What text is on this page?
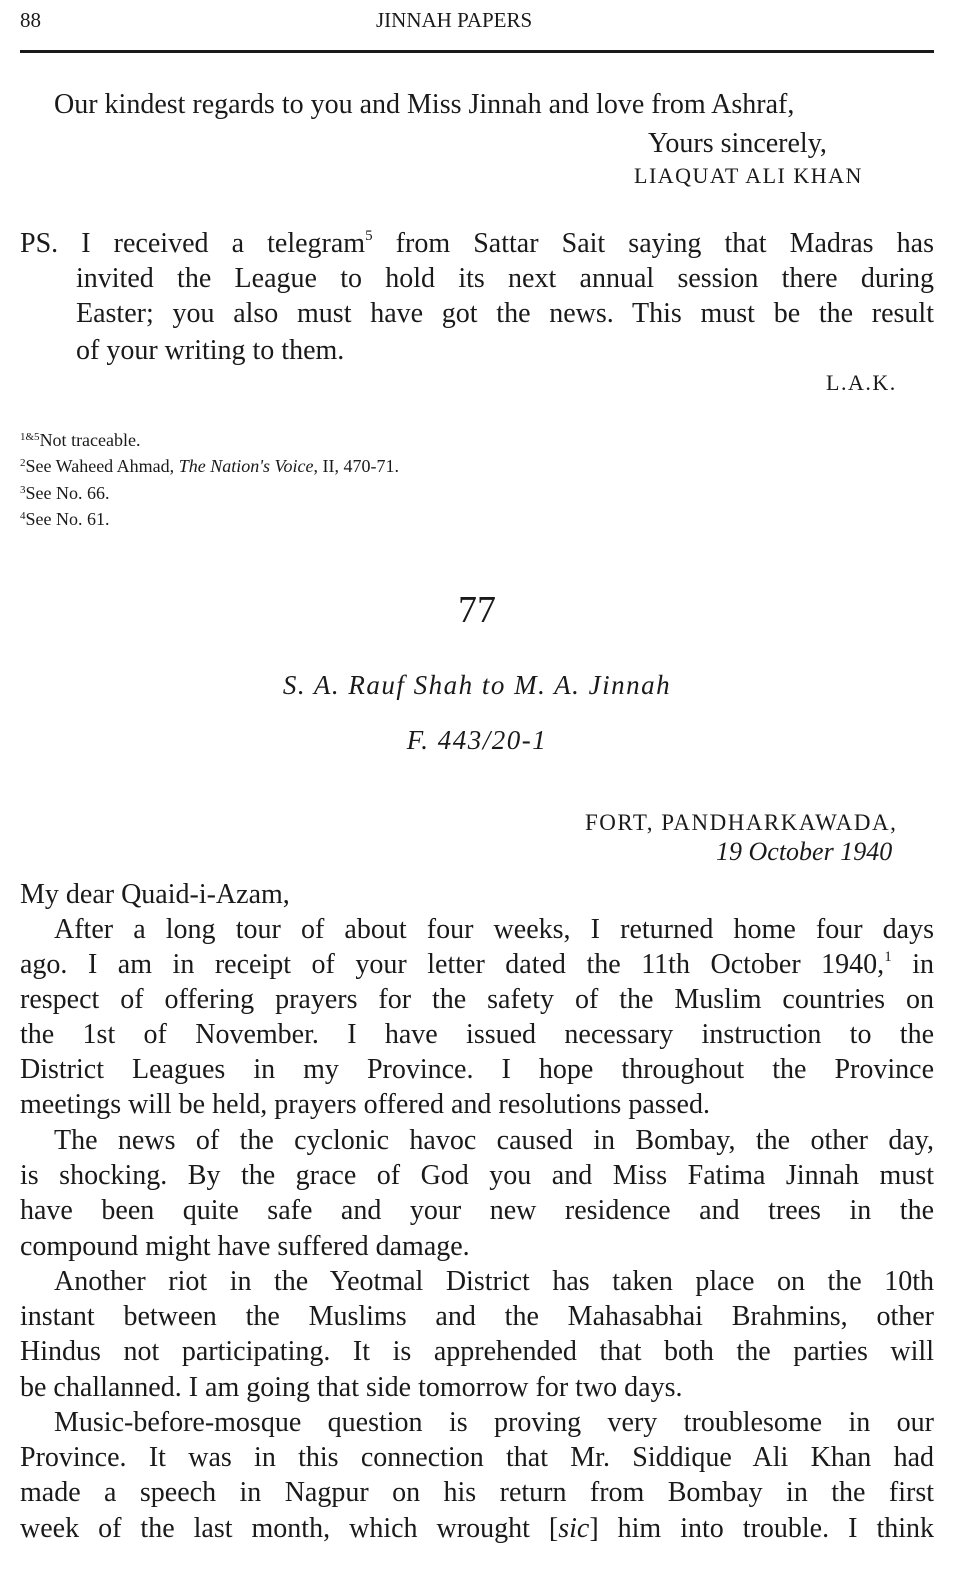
88	JINNAH PAPERS
Our kindest regards to you and Miss Jinnah and love from Ashraf,
Yours sincerely,
LIAQUAT ALI KHAN
PS. I received a telegram$^5$ from Sattar Sait saying that Madras has
invited the League to hold its next annual session there during
Easter; you also must have got the news. This must be the result
of your writing to them.
L.A.K.
$^{1\&5}$Not traceable.
$^2$See Waheed Ahmad, The Nation's Voice, II, 470-71.
$^3$See No. 66.
$^4$See No. 61.
77
S. A. Rauf Shah to M. A. Jinnah
F. 443/20-1
FORT, PANDHARKAWADA,
19 October 1940
My dear Quaid-i-Azam,
After a long tour of about four weeks, I returned home four days
ago. I am in receipt of your letter dated the 11th October 1940,$^1$ in
respect of offering prayers for the safety of the Muslim countries on
the 1st of November. I have issued necessary instruction to the
District Leagues in my Province. I hope throughout the Province
meetings will be held, prayers offered and resolutions passed.
The news of the cyclonic havoc caused in Bombay, the other day,
is shocking. By the grace of God you and Miss Fatima Jinnah must
have been quite safe and your new residence and trees in the
compound might have suffered damage.
Another riot in the Yeotmal District has taken place on the 10th
instant between the Muslims and the Mahasabhai Brahmins, other
Hindus not participating. It is apprehended that both the parties will
be challanned. I am going that side tomorrow for two days.
Music-before-mosque question is proving very troublesome in our
Province. It was in this connection that Mr. Siddique Ali Khan had
made a speech in Nagpur on his return from Bombay in the first
week of the last month, which wrought [sic] him into trouble. I think
